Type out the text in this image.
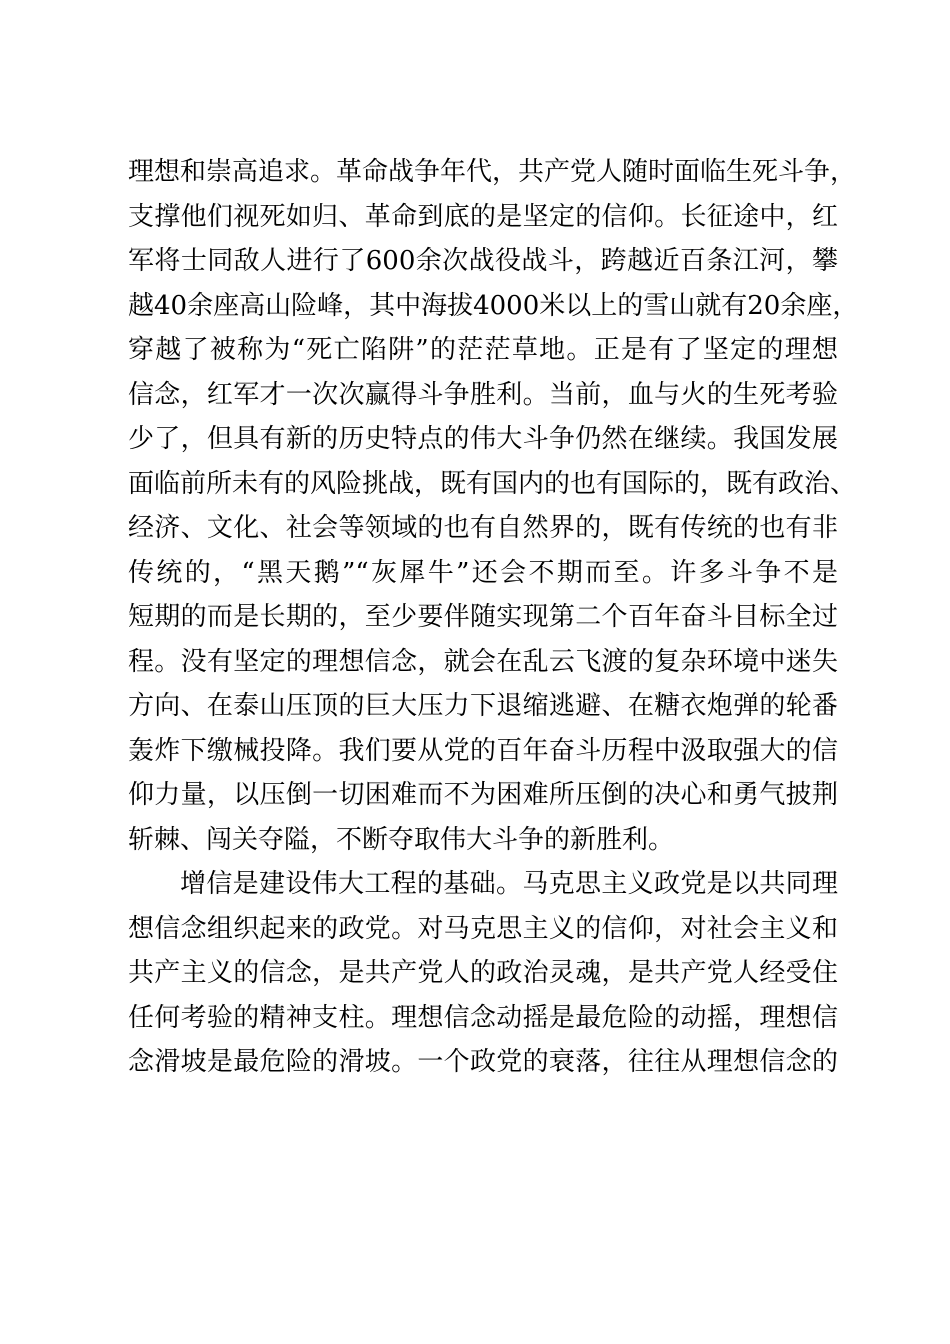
理想和崇高追求。革命战争年代，共产党人随时面临生死斗争，
支撑他们视死如归、革命到底的是坚定的信仰。长征途中，红
军将士同敌人进行了600余次战役战斗，跨越近百条江河，攀
越40余座高山险峰，其中海拔4000米以上的雪山就有20余座，
穿越了被称为“死亡陷阱”的茫茫草地。正是有了坚定的理想
信念，红军才一次次赢得斗争胜利。当前，血与火的生死考验
少了，但具有新的历史特点的伟大斗争仍然在继续。我国发展
面临前所未有的风险挑战，既有国内的也有国际的，既有政治、
经济、文化、社会等领域的也有自然界的，既有传统的也有非
传统的，“黑天鹅”“灰犀牛”还会不期而至。许多斗争不是
短期的而是长期的，至少要伴随实现第二个百年奋斗目标全过
程。没有坚定的理想信念，就会在乱云飞渡的复杂环境中迷失
方向、在泰山压顶的巨大压力下退缩逃避、在糖衣炮弹的轮番
轰炸下缴械投降。我们要从党的百年奋斗历程中汲取强大的信
仰力量，以压倒一切困难而不为困难所压倒的决心和勇气披荆
斩棘、闯关夺隘，不断夺取伟大斗争的新胜利。
增信是建设伟大工程的基础。马克思主义政党是以共同理
想信念组织起来的政党。对马克思主义的信仰，对社会主义和
共产主义的信念，是共产党人的政治灵魂，是共产党人经受住
任何考验的精神支柱。理想信念动摇是最危险的动摇，理想信
念滑坡是最危险的滑坡。一个政党的衰落，往往从理想信念的
